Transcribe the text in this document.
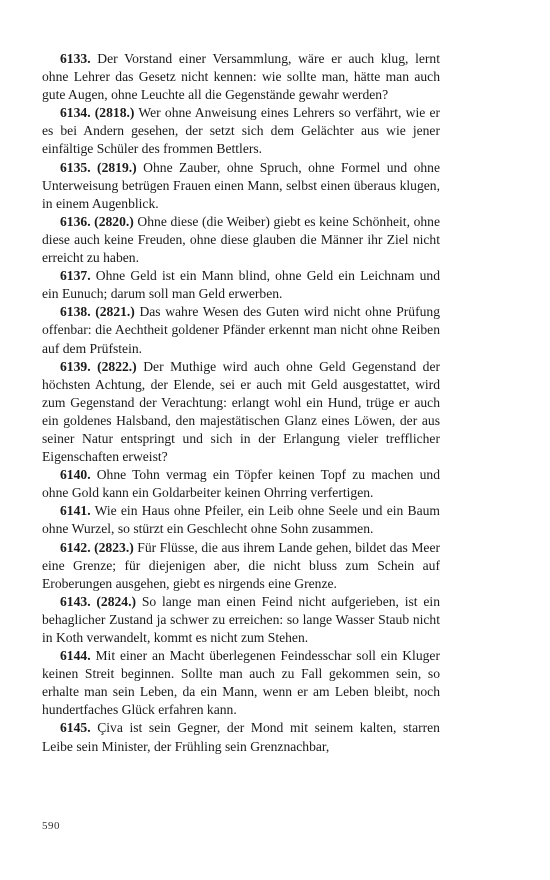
6133. Der Vorstand einer Versammlung, wäre er auch klug, lernt ohne Lehrer das Gesetz nicht kennen: wie sollte man, hätte man auch gute Augen, ohne Leuchte all die Gegenstände gewahr werden?

6134. (2818.) Wer ohne Anweisung eines Lehrers so verfährt, wie er es bei Andern gesehen, der setzt sich dem Gelächter aus wie jener einfältige Schüler des frommen Bettlers.

6135. (2819.) Ohne Zauber, ohne Spruch, ohne Formel und ohne Unterweisung betrügen Frauen einen Mann, selbst einen überaus klugen, in einem Augenblick.

6136. (2820.) Ohne diese (die Weiber) giebt es keine Schönheit, ohne diese auch keine Freuden, ohne diese glauben die Männer ihr Ziel nicht erreicht zu haben.

6137. Ohne Geld ist ein Mann blind, ohne Geld ein Leichnam und ein Eunuch; darum soll man Geld erwerben.

6138. (2821.) Das wahre Wesen des Guten wird nicht ohne Prüfung offenbar: die Aechtheit goldener Pfänder erkennt man nicht ohne Reiben auf dem Prüfstein.

6139. (2822.) Der Muthige wird auch ohne Geld Gegenstand der höchsten Achtung, der Elende, sei er auch mit Geld ausgestattet, wird zum Gegenstand der Verachtung: erlangt wohl ein Hund, trüge er auch ein goldenes Halsband, den majestätischen Glanz eines Löwen, der aus seiner Natur entspringt und sich in der Erlangung vieler trefflicher Eigenschaften erweist?

6140. Ohne Tohn vermag ein Töpfer keinen Topf zu machen und ohne Gold kann ein Goldarbeiter keinen Ohrring verfertigen.

6141. Wie ein Haus ohne Pfeiler, ein Leib ohne Seele und ein Baum ohne Wurzel, so stürzt ein Geschlecht ohne Sohn zusammen.

6142. (2823.) Für Flüsse, die aus ihrem Lande gehen, bildet das Meer eine Grenze; für diejenigen aber, die nicht bluss zum Schein auf Eroberungen ausgehen, giebt es nirgends eine Grenze.

6143. (2824.) So lange man einen Feind nicht aufgerieben, ist ein behaglicher Zustand ja schwer zu erreichen: so lange Wasser Staub nicht in Koth verwandelt, kommt es nicht zum Stehen.

6144. Mit einer an Macht überlegenen Feindesschar soll ein Kluger keinen Streit beginnen. Sollte man auch zu Fall gekommen sein, so erhalte man sein Leben, da ein Mann, wenn er am Leben bleibt, noch hundertfaches Glück erfahren kann.

6145. Çiva ist sein Gegner, der Mond mit seinem kalten, starren Leibe sein Minister, der Frühling sein Grenznachbar,

590
